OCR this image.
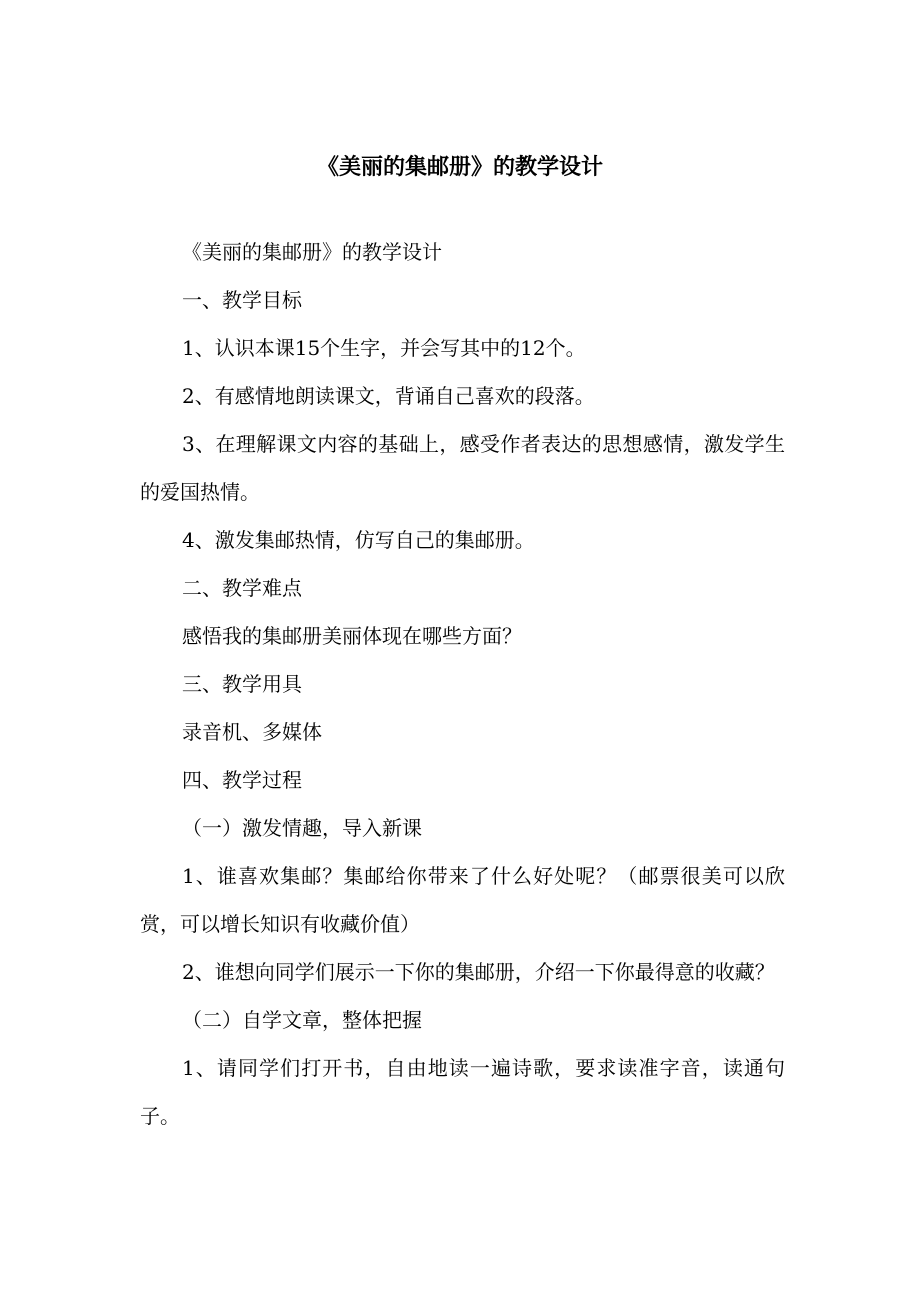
《美丽的集邮册》的教学设计

《美丽的集邮册》的教学设计

一、教学目标

1、认识本课15个生字，并会写其中的12个。

2、有感情地朗读课文，背诵自己喜欢的段落。

3、在理解课文内容的基础上，感受作者表达的思想感情，激发学生的爱国热情。

4、激发集邮热情，仿写自己的集邮册。

二、教学难点

感悟我的集邮册美丽体现在哪些方面？

三、教学用具

录音机、多媒体

四、教学过程

（一）激发情趣，导入新课

1、谁喜欢集邮？集邮给你带来了什么好处呢？（邮票很美可以欣赏，可以增长知识有收藏价值）

2、谁想向同学们展示一下你的集邮册，介绍一下你最得意的收藏？

（二）自学文章，整体把握

1、请同学们打开书，自由地读一遍诗歌，要求读准字音，读通句子。
